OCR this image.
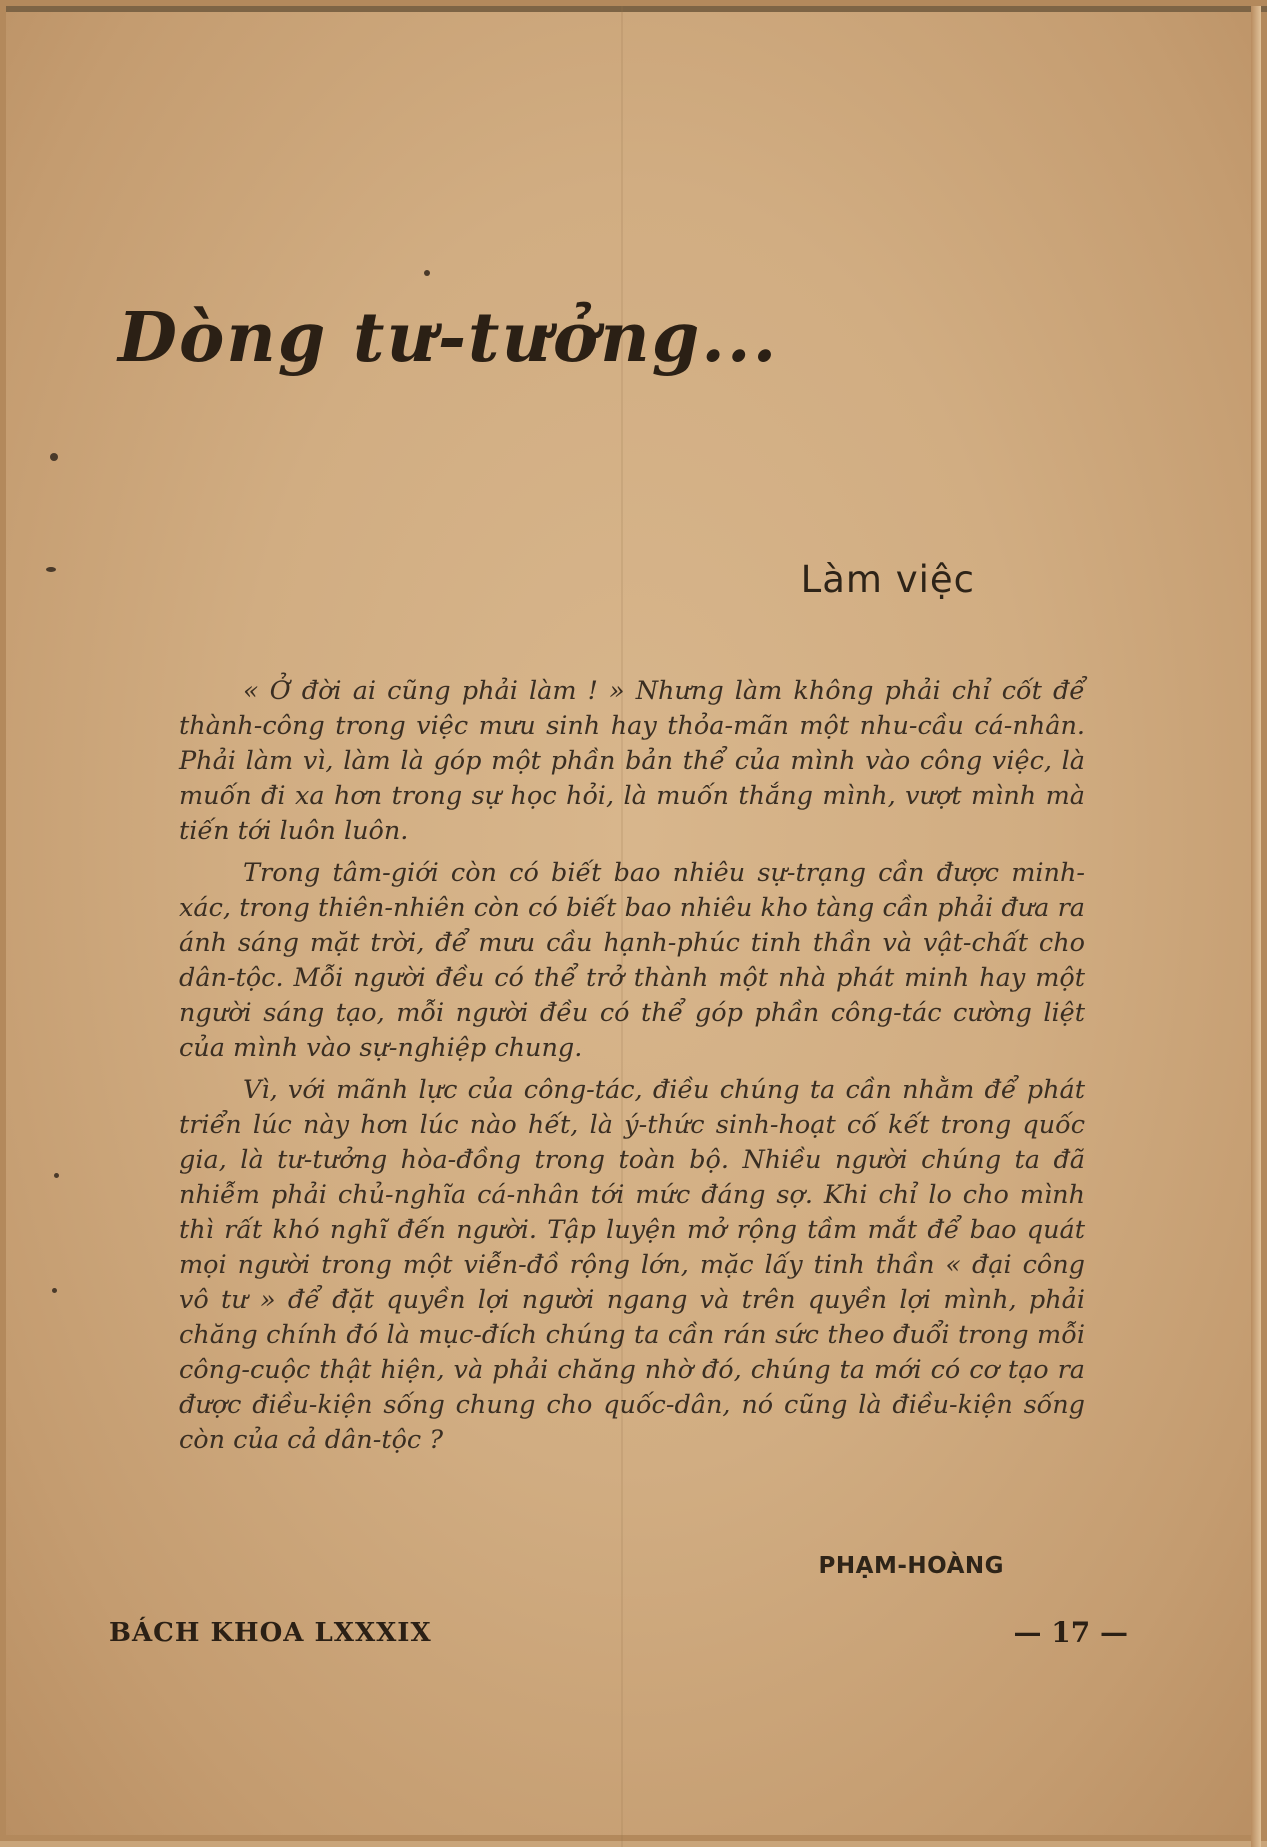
Dòng tư-tưởng...
Làm việc

« Ở đời ai cũng phải làm ! » Nhưng làm không phải chỉ cốt để thành-công trong việc mưu sinh hay thỏa-mãn một nhu-cầu cá-nhân. Phải làm vì, làm là góp một phần bản thể của mình vào công việc, là muốn đi xa hơn trong sự học hỏi, là muốn thắng mình, vượt mình mà tiến tới luôn luôn.

Trong tâm-giới còn có biết bao nhiêu sự-trạng cần được minh-xác, trong thiên-nhiên còn có biết bao nhiêu kho tàng cần phải đưa ra ánh sáng mặt trời, để mưu cầu hạnh-phúc tinh thần và vật-chất cho dân-tộc. Mỗi người đều có thể trở thành một nhà phát minh hay một người sáng tạo, mỗi người đều có thể góp phần công-tác cường liệt của mình vào sự-nghiệp chung.

Vì, với mãnh lực của công-tác, điều chúng ta cần nhằm để phát triển lúc này hơn lúc nào hết, là ý-thức sinh-hoạt cố kết trong quốc gia, là tư-tưởng hòa-đồng trong toàn bộ. Nhiều người chúng ta đã nhiễm phải chủ-nghĩa cá-nhân tới mức đáng sợ. Khi chỉ lo cho mình thì rất khó nghĩ đến người. Tập luyện mở rộng tầm mắt để bao quát mọi người trong một viễn-đồ rộng lớn, mặc lấy tinh thần « đại công vô tư » để đặt quyền lợi người ngang và trên quyền lợi mình, phải chăng chính đó là mục-đích chúng ta cần rán sức theo đuổi trong mỗi công-cuộc thật hiện, và phải chăng nhờ đó, chúng ta mới có cơ tạo ra được điều-kiện sống chung cho quốc-dân, nó cũng là điều-kiện sống còn của cả dân-tộc ?

PHẠM-HOÀNG

BÁCH KHOA LXXXIX	— 17 —
